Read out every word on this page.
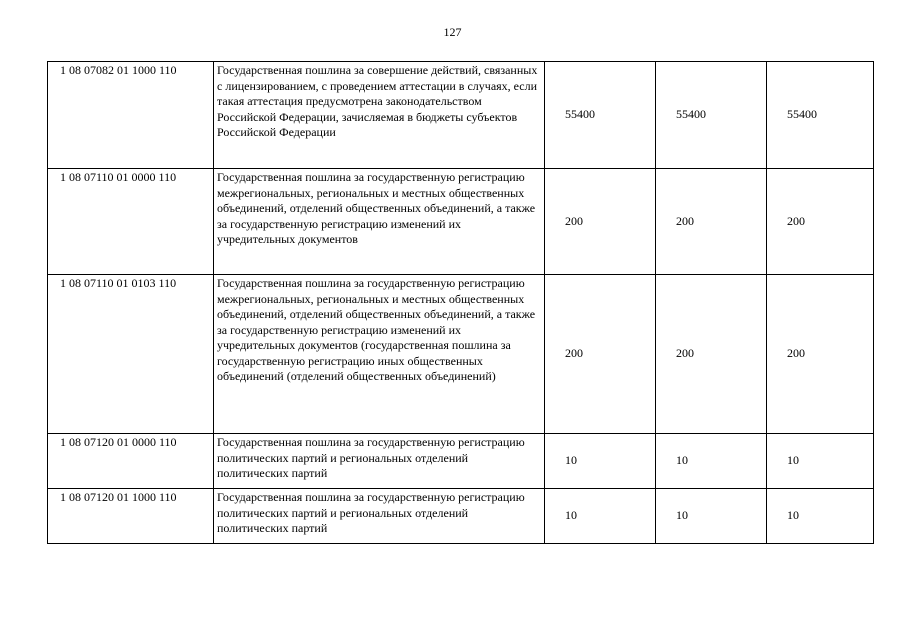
127
1 08 07082 01 1000 110	Государственная пошлина за совершение действий, связанных с лицензированием, с проведением аттестации в случаях, если такая аттестация предусмотрена законодательством Российской Федерации, зачисляемая в бюджеты субъектов Российской Федерации	55400	55400	55400
1 08 07110 01 0000 110	Государственная пошлина за государственную регистрацию межрегиональных, региональных и местных общественных объединений, отделений общественных объединений, а также за государственную регистрацию изменений их учредительных документов	200	200	200
1 08 07110 01 0103 110	Государственная пошлина за государственную регистрацию межрегиональных, региональных и местных общественных объединений, отделений общественных объединений, а также за государственную регистрацию изменений их учредительных документов (государственная пошлина за государственную регистрацию иных общественных объединений (отделений общественных объединений)	200	200	200
1 08 07120 01 0000 110	Государственная пошлина за государственную регистрацию политических партий и региональных отделений политических партий	10	10	10
1 08 07120 01 1000 110	Государственная пошлина за государственную регистрацию политических партий и региональных отделений политических партий	10	10	10
